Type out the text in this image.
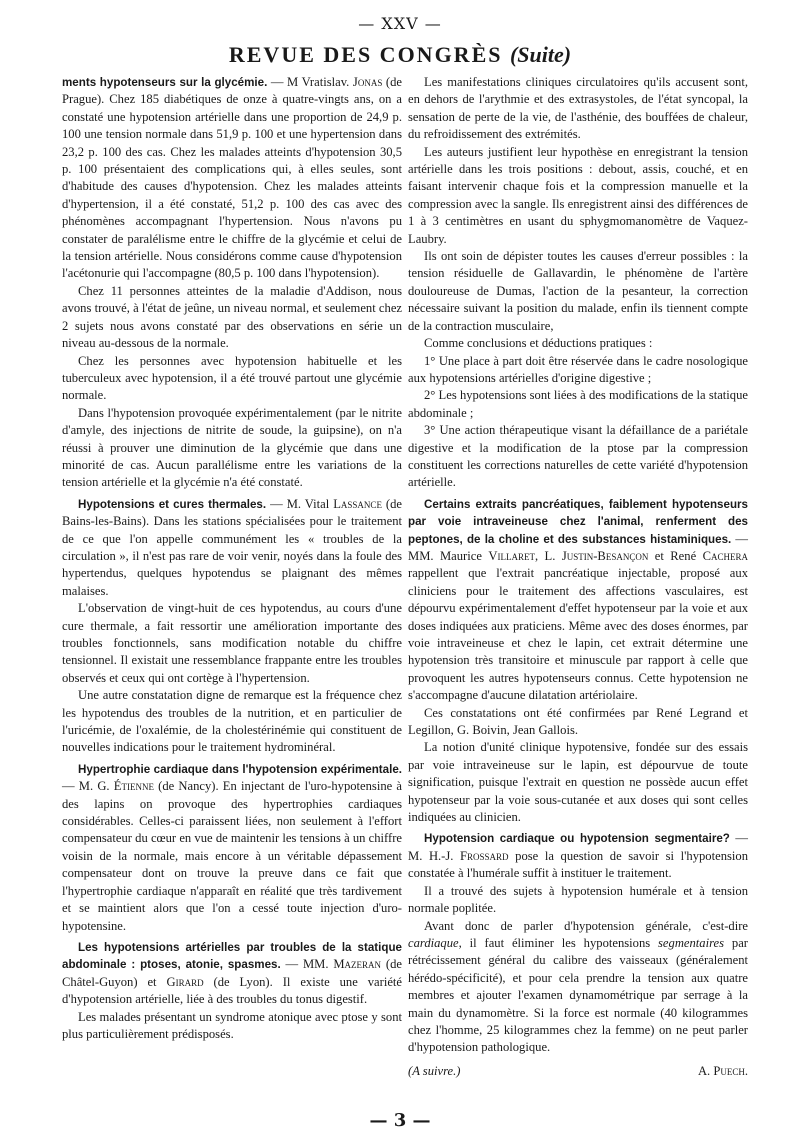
— XXV —
REVUE DES CONGRÈS (Suite)

ments hypotenseurs sur la glycémie. — M Vratislav. Jonas (de Prague). Chez 185 diabétiques de onze à quatre-vingts ans, on a constaté une hypotension artérielle dans une proportion de 24,9 p. 100 une tension normale dans 51,9 p. 100 et une hypertension dans 23,2 p. 100 des cas. Chez les malades atteints d'hypotension 30,5 p. 100 présentaient des complications qui, à elles seules, sont d'habitude des causes d'hypotension. Chez les malades atteints d'hypertension, il a été constaté, 51,2 p. 100 des cas avec des phénomènes accompagnant l'hypertension. Nous n'avons pu constater de paralélisme entre le chiffre de la glycémie et celui de la tension artérielle. Nous considérons comme cause d'hypotension l'acétonurie qui l'accompagne (80,5 p. 100 dans l'hypotension).

Chez 11 personnes atteintes de la maladie d'Addison, nous avons trouvé, à l'état de jeûne, un niveau normal, et seulement chez 2 sujets nous avons constaté par des observations en série un niveau au-dessous de la normale.

Chez les personnes avec hypotension habituelle et les tuberculeux avec hypotension, il a été trouvé partout une glycémie normale.

Dans l'hypotension provoquée expérimentalement (par le nitrite d'amyle, des injections de nitrite de soude, la guipsine), on n'a réussi à prouver une diminution de la glycémie que dans une minorité de cas. Aucun parallélisme entre les variations de la tension artérielle et la glycémie n'a été constaté.

Hypotensions et cures thermales. — M. Vital Lassance (de Bains-les-Bains). Dans les stations spécialisées pour le traitement de ce que l'on appelle communément les « troubles de la circulation », il n'est pas rare de voir venir, noyés dans la foule des hypertendus, quelques hypotendus se plaignant des mêmes malaises.

L'observation de vingt-huit de ces hypotendus, au cours d'une cure thermale, a fait ressortir une amélioration importante des troubles fonctionnels, sans modification notable du chiffre tensionnel. Il existait une ressemblance frappante entre les troubles observés et ceux qui ont cortège à l'hypertension.

Une autre constatation digne de remarque est la fréquence chez les hypotendus des troubles de la nutrition, et en particulier de l'uricémie, de l'oxalémie, de la cholestérinémie qui constituent de nouvelles indications pour le traitement hydrominéral.

Hypertrophie cardiaque dans l'hypotension expérimentale. — M. G. Étienne (de Nancy). En injectant de l'uro-hypotensine à des lapins on provoque des hypertrophies cardiaques considérables. Celles-ci paraissent liées, non seulement à l'effort compensateur du cœur en vue de maintenir les tensions à un chiffre voisin de la normale, mais encore à un véritable dépassement compensateur dont on trouve la preuve dans ce fait que l'hypertrophie cardiaque n'apparaît en réalité que très tardivement et se maintient alors que l'on a cessé toute injection d'uro-hypotensine.

Les hypotensions artérielles par troubles de la statique abdominale : ptoses, atonie, spasmes. — MM. Mazeran (de Châtel-Guyon) et Girard (de Lyon). Il existe une variété d'hypotension artérielle, liée à des troubles du tonus digestif.

Les malades présentant un syndrome atonique avec ptose y sont plus particulièrement prédisposés.

Les manifestations cliniques circulatoires qu'ils accusent sont, en dehors de l'arythmie et des extrasystoles, de l'état syncopal, la sensation de perte de la vie, de l'asthénie, des bouffées de chaleur, du refroidissement des extrémités.

Les auteurs justifient leur hypothèse en enregistrant la tension artérielle dans les trois positions : debout, assis, couché, et en faisant intervenir chaque fois et la compression manuelle et la compression avec la sangle. Ils enregistrent ainsi des différences de 1 à 3 centimètres en usant du sphygmomanomètre de Vaquez-Laubry.

Ils ont soin de dépister toutes les causes d'erreur possibles : la tension résiduelle de Gallavardin, le phénomène de l'artère douloureuse de Dumas, l'action de la pesanteur, la correction nécessaire suivant la position du malade, enfin ils tiennent compte de la contraction musculaire,

Comme conclusions et déductions pratiques :

1° Une place à part doit être réservée dans le cadre nosologique aux hypotensions artérielles d'origine digestive ;

2° Les hypotensions sont liées à des modifications de la statique abdominale ;

3° Une action thérapeutique visant la défaillance de a pariétale digestive et la modification de la ptose par la compression constituent les corrections naturelles de cette variété d'hypotension artérielle.

Certains extraits pancréatiques, faiblement hypotenseurs par voie intraveineuse chez l'animal, renferment des peptones, de la choline et des substances histaminiques. — MM. Maurice Villaret, L. Justin-Besançon et René Cachera rappellent que l'extrait pancréatique injectable, proposé aux cliniciens pour le traitement des affections vasculaires, est dépourvu expérimentalement d'effet hypotenseur par la voie et aux doses indiquées aux praticiens. Même avec des doses énormes, par voie intraveineuse et chez le lapin, cet extrait détermine une hypotension très transitoire et minuscule par rapport à celle que provoquent les autres hypotenseurs connus. Cette hypotension ne s'accompagne d'aucune dilatation artériolaire.

Ces constatations ont été confirmées par René Legrand et Legillon, G. Boivin, Jean Gallois.

La notion d'unité clinique hypotensive, fondée sur des essais par voie intraveineuse sur le lapin, est dépourvue de toute signification, puisque l'extrait en question ne possède aucun effet hypotenseur par la voie sous-cutanée et aux doses qui sont celles indiquées au clinicien.

Hypotension cardiaque ou hypotension segmentaire? — M. H.-J. Frossard pose la question de savoir si l'hypotension constatée à l'humérale suffit à instituer le traitement.

Il a trouvé des sujets à hypotension humérale et à tension normale poplitée.

Avant donc de parler d'hypotension générale, c'est-dire cardiaque, il faut éliminer les hypotensions segmentaires par rétrécissement général du calibre des vaisseaux (généralement hérédo-spécificité), et pour cela prendre la tension aux quatre membres et ajouter l'examen dynamométrique par serrage à la main du dynamomètre. Si la force est normale (40 kilogrammes chez l'homme, 25 kilogrammes chez la femme) on ne peut parler d'hypotension pathologique.

(A suivre.)	A. Puech.
— 3 —
